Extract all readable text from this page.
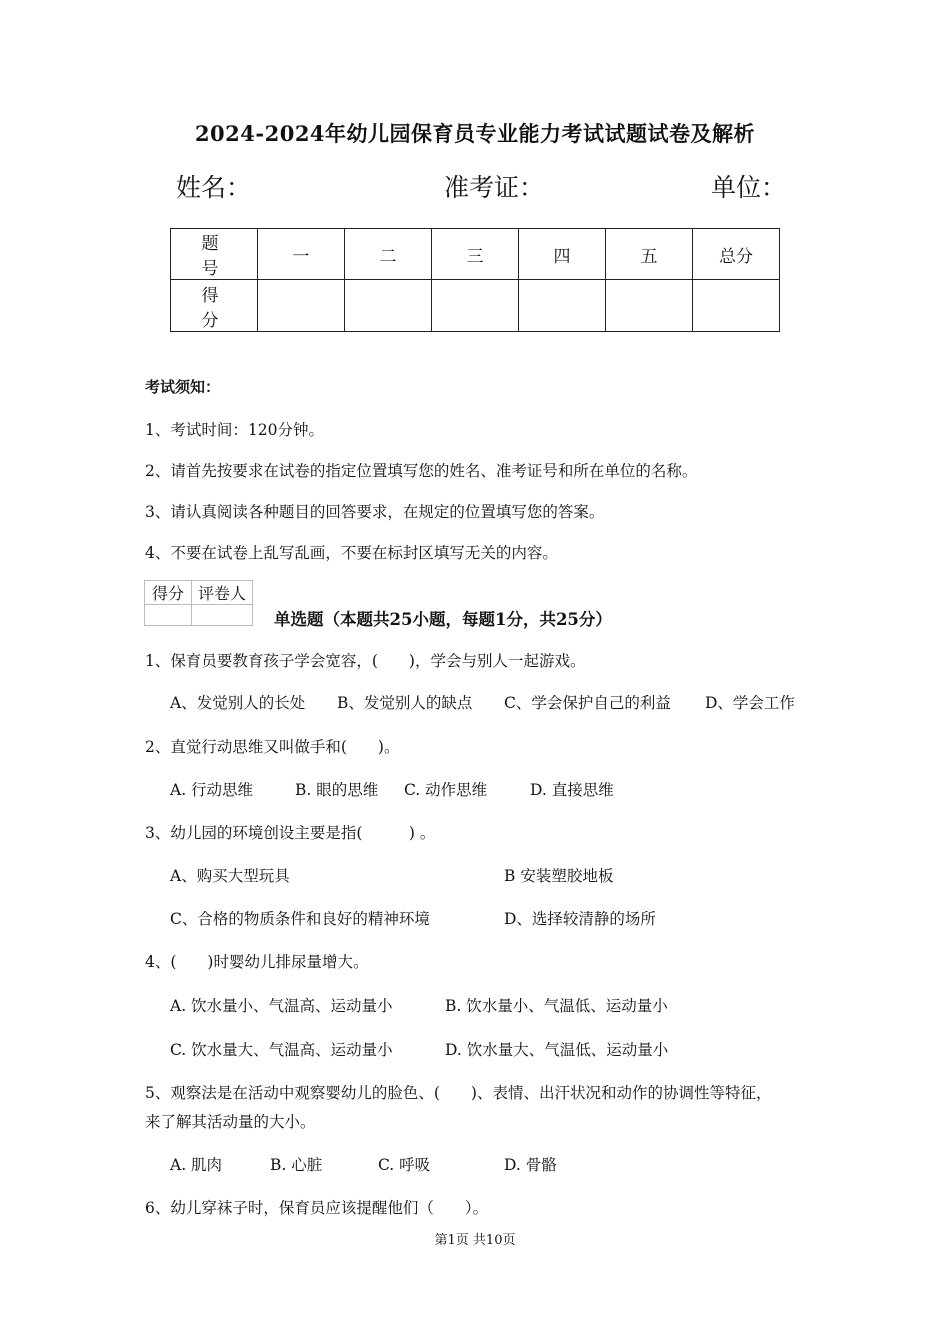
2024-2024年幼儿园保育员专业能力考试试题试卷及解析
姓名：	准考证：	单位：
题　号	一	二	三	四	五	总分
得　分						
考试须知：
1、考试时间：120分钟。
2、请首先按要求在试卷的指定位置填写您的姓名、准考证号和所在单位的名称。
3、请认真阅读各种题目的回答要求，在规定的位置填写您的答案。
4、不要在试卷上乱写乱画，不要在标封区填写无关的内容。
得分	评卷人

单选题（本题共25小题，每题1分，共25分）
1、保育员要教育孩子学会宽容，(　　)，学会与别人一起游戏。
A、发觉别人的长处 B、发觉别人的缺点 C、学会保护自己的利益 D、学会工作
2、直觉行动思维又叫做手和(　　)。
A. 行动思维	B. 眼的思维 C. 动作思维	D. 直接思维
3、幼儿园的环境创设主要是指(　　　) 。
A、购买大型玩具	B 安装塑胶地板
C、合格的物质条件和良好的精神环境	D、选择较清静的场所
4、(　　)时婴幼儿排尿量增大。
A. 饮水量小、气温高、运动量小	B. 饮水量小、气温低、运动量小
C. 饮水量大、气温高、运动量小	D. 饮水量大、气温低、运动量小
5、观察法是在活动中观察婴幼儿的脸色、(　　)、表情、出汗状况和动作的协调性等特征，
来了解其活动量的大小。
A. 肌肉	B. 心脏	C. 呼吸	D. 骨骼
6、幼儿穿袜子时，保育员应该提醒他们（　　）。
第1页 共10页
